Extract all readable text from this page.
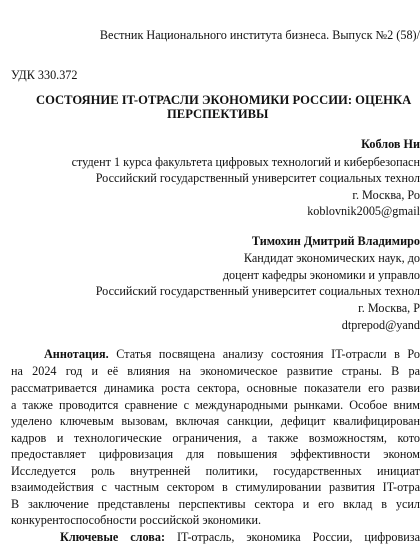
Вестник Национального института бизнеса. Выпуск №2 (58)/
УДК 330.372
СОСТОЯНИЕ IT-ОТРАСЛИ ЭКОНОМИКИ РОССИИ: ОЦЕНКА
ПЕРСПЕКТИВЫ
Коблов Ни
студент 1 курса факультета цифровых технологий и кибербезопасн
Российский государственный университет социальных технол
г. Москва, Ро
koblovnik2005@gmail
Тимохин Дмитрий Владимиро
Кандидат экономических наук, до
доцент кафедры экономики и управло
Российский государственный университет социальных технол
г. Москва, Р
dtprepod@yand
Аннотация. Статья посвящена анализу состояния IT-отрасли в Ро
на 2024 год и её влияния на экономическое развитие страны. В ра
рассматривается динамика роста сектора, основные показатели его разви
а также проводится сравнение с международными рынками. Особое вним
уделено ключевым вызовам, включая санкции, дефицит квалифицирован
кадров и технологические ограничения, а также возможностям, кото
предоставляет цифровизация для повышения эффективности эконом
Исследуется роль внутренней политики, государственных инициат
взаимодействия с частным сектором в стимулировании развития IT-отра
В заключение представлены перспективы сектора и его вклад в усил
конкурентоспособности российской экономики.
Ключевые слова: IT-отрасль, экономика России, цифровиза
